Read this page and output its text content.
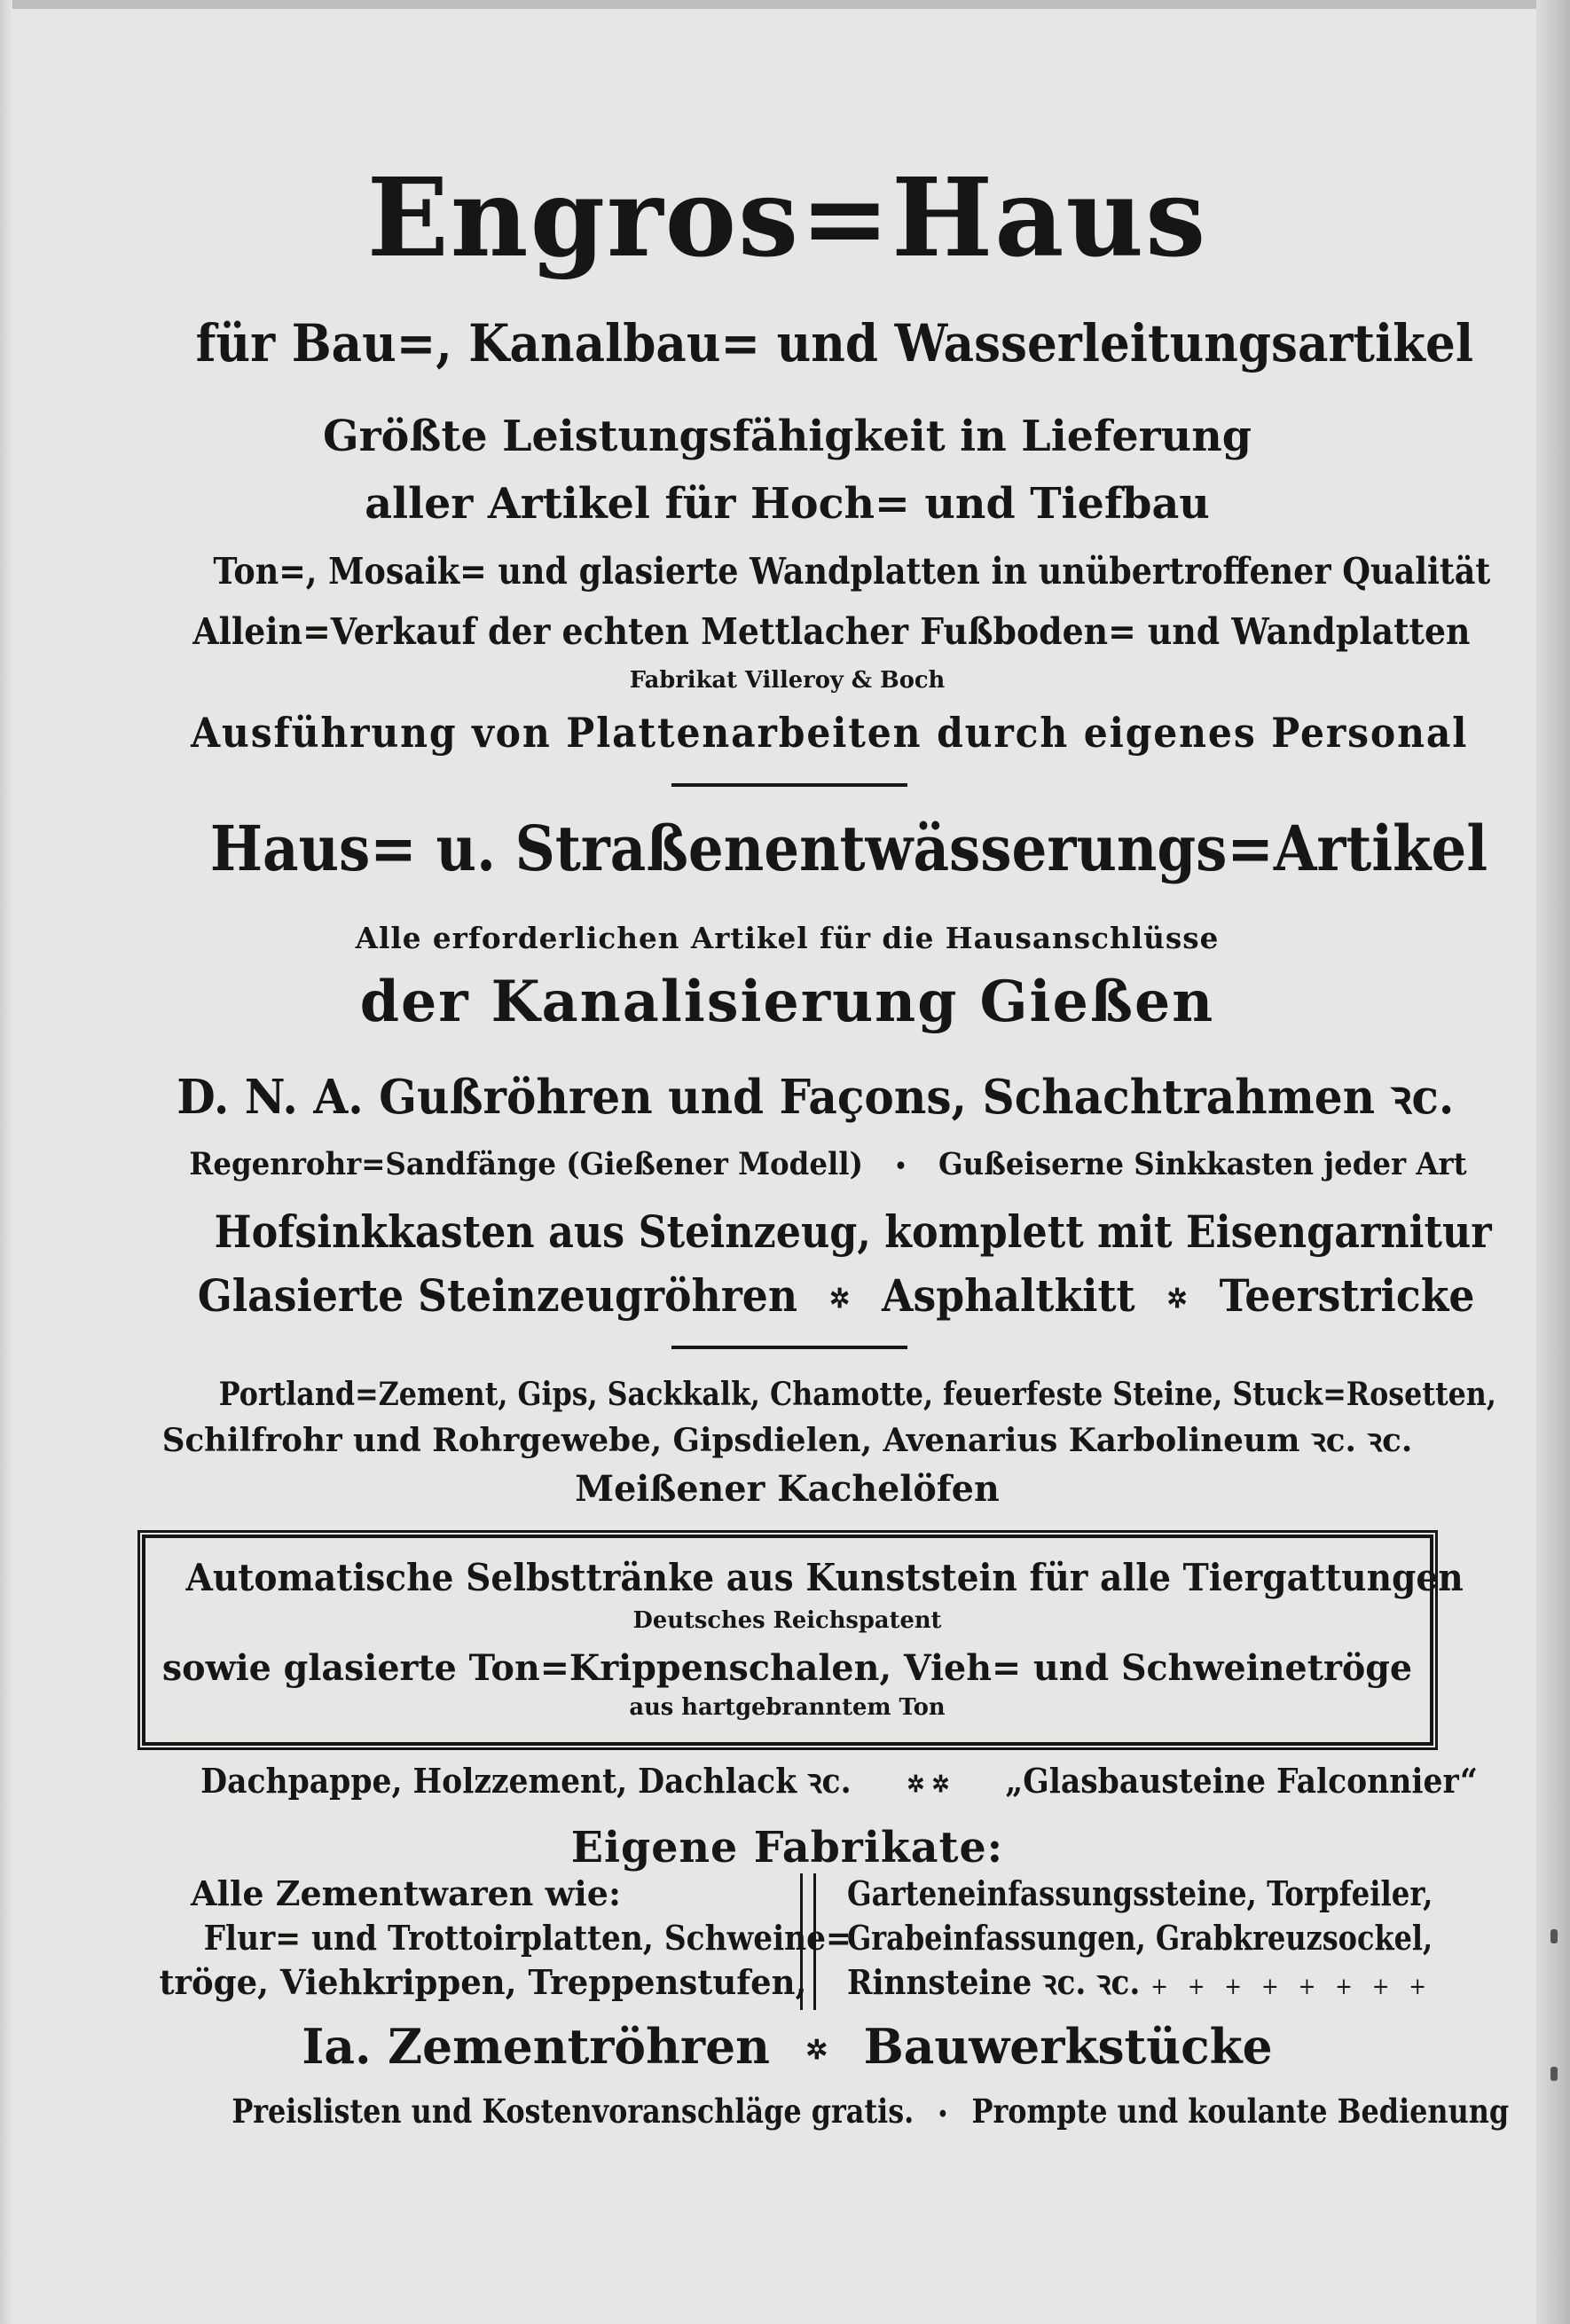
Engros=Haus
für Bau=, Kanalbau= und Wasserleitungsartikel
Größte Leistungsfähigkeit in Lieferung
aller Artikel für Hoch= und Tiefbau
Ton=, Mosaik= und glasierte Wandplatten in unübertroffener Qualität
Allein=Verkauf der echten Mettlacher Fußboden= und Wandplatten
Fabrikat Villeroy & Boch
Ausführung von Plattenarbeiten durch eigenes Personal
Haus= u. Straßenentwässerungs=Artikel
Alle erforderlichen Artikel für die Hausanschlüsse
der Kanalisierung Gießen
D. N. A. Gußröhren und Façons, Schachtrahmen ꝛc.
Regenrohr=Sandfänge (Gießener Modell) • Gußeiserne Sinkkasten jeder Art
Hofsinkkasten aus Steinzeug, komplett mit Eisengarnitur
Glasierte Steinzeugröhren ✲ Asphaltkitt ✲ Teerstricke
Portland=Zement, Gips, Sackkalk, Chamotte, feuerfeste Steine, Stuck=Rosetten,
Schilfrohr und Rohrgewebe, Gipsdielen, Avenarius Karbolineum ꝛc. ꝛc.
Meißener Kachelöfen
Automatische Selbsttränke aus Kunststein für alle Tiergattungen
Deutsches Reichspatent
sowie glasierte Ton=Krippenschalen, Vieh= und Schweinetröge
aus hartgebranntem Ton
Dachpappe, Holzzement, Dachlack ꝛc. ✲ ✲ „Glasbausteine Falconnier“
Eigene Fabrikate:
Alle Zementwaren wie:
Flur= und Trottoirplatten, Schweine=
tröge, Viehkrippen, Treppenstufen,
Garteneinfassungssteine, Torpfeiler,
Grabeinfassungen, Grabkreuzsockel,
Rinnsteine ꝛc. ꝛc. + + + + + + + +
Ia. Zementröhren ✲ Bauwerkstücke
Preislisten und Kostenvoranschläge gratis. • Prompte und koulante Bedienung
